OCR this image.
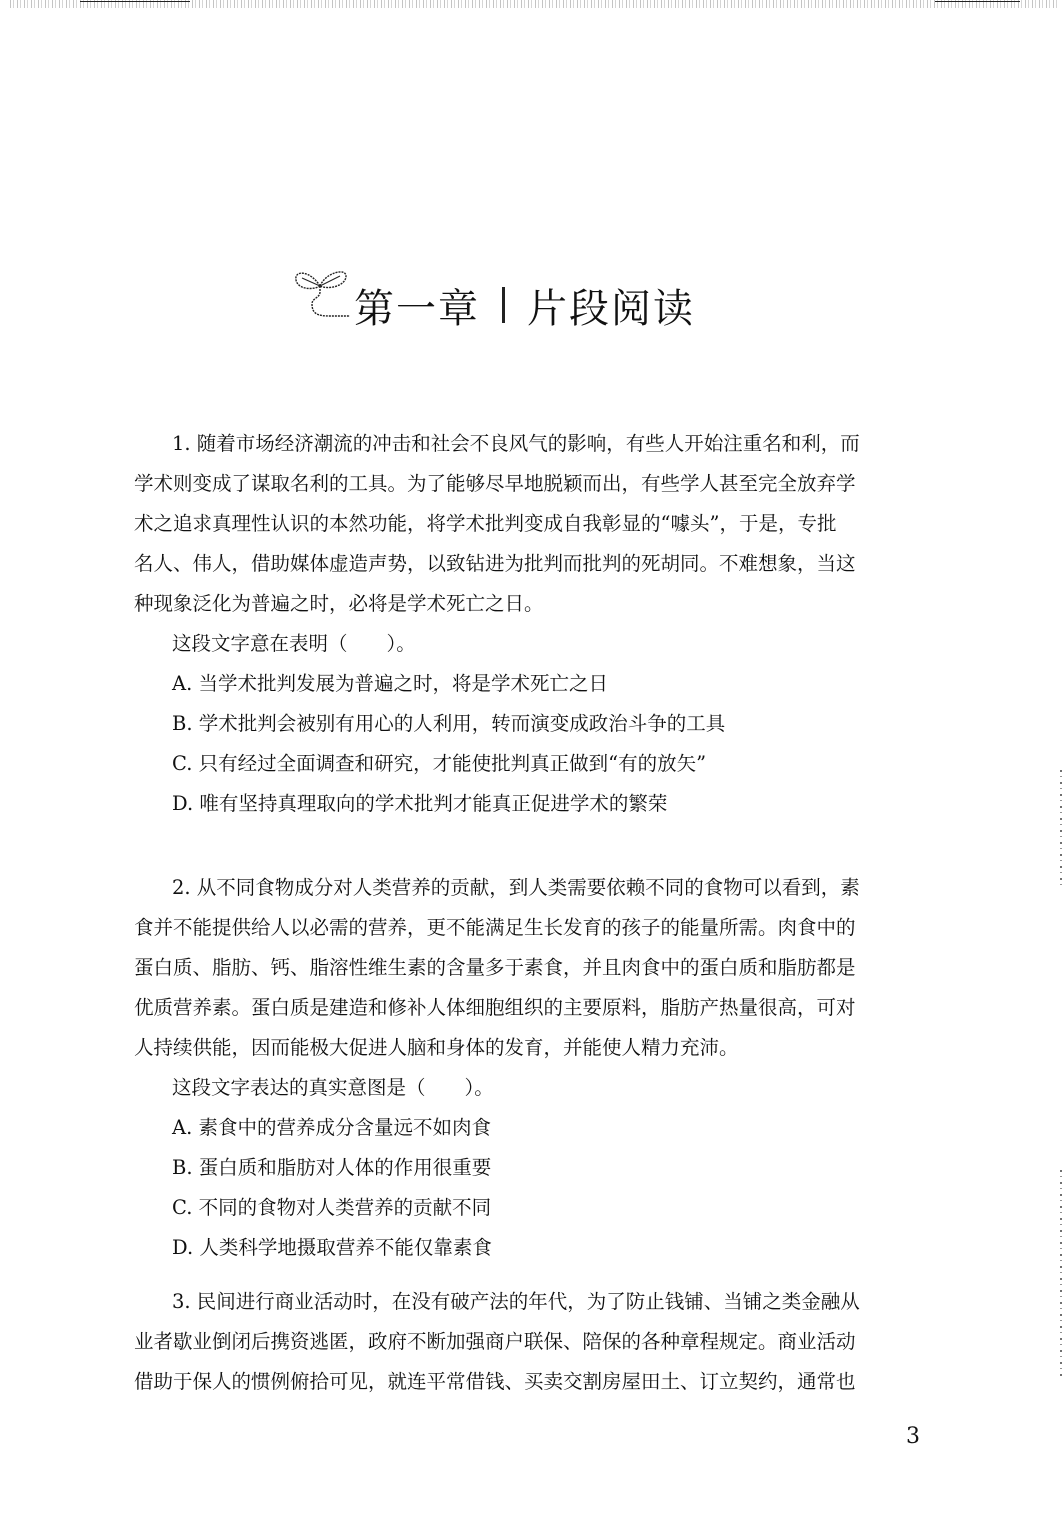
第一章 片段阅读

1. 随着市场经济潮流的冲击和社会不良风气的影响，有些人开始注重名和利，而
学术则变成了谋取名利的工具。为了能够尽早地脱颖而出，有些学人甚至完全放弃学
术之追求真理性认识的本然功能，将学术批判变成自我彰显的“噱头”，于是，专批
名人、伟人，借助媒体虚造声势，以致钻进为批判而批判的死胡同。不难想象，当这
种现象泛化为普遍之时，必将是学术死亡之日。

这段文字意在表明（　　）。

A. 当学术批判发展为普遍之时，将是学术死亡之日

B. 学术批判会被别有用心的人利用，转而演变成政治斗争的工具

C. 只有经过全面调查和研究，才能使批判真正做到“有的放矢”

D. 唯有坚持真理取向的学术批判才能真正促进学术的繁荣

2. 从不同食物成分对人类营养的贡献，到人类需要依赖不同的食物可以看到，素
食并不能提供给人以必需的营养，更不能满足生长发育的孩子的能量所需。肉食中的
蛋白质、脂肪、钙、脂溶性维生素的含量多于素食，并且肉食中的蛋白质和脂肪都是
优质营养素。蛋白质是建造和修补人体细胞组织的主要原料，脂肪产热量很高，可对
人持续供能，因而能极大促进人脑和身体的发育，并能使人精力充沛。

这段文字表达的真实意图是（　　）。

A. 素食中的营养成分含量远不如肉食

B. 蛋白质和脂肪对人体的作用很重要

C. 不同的食物对人类营养的贡献不同

D. 人类科学地摄取营养不能仅靠素食

3. 民间进行商业活动时，在没有破产法的年代，为了防止钱铺、当铺之类金融从
业者歇业倒闭后携资逃匿，政府不断加强商户联保、陪保的各种章程规定。商业活动
借助于保人的惯例俯拾可见，就连平常借钱、买卖交割房屋田土、订立契约，通常也

3
